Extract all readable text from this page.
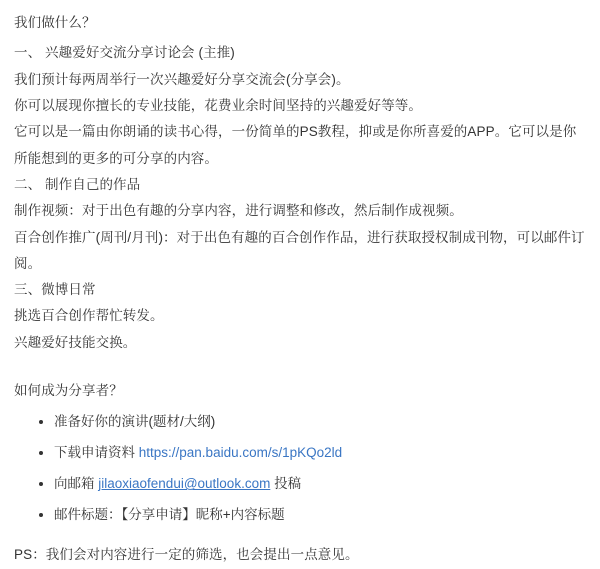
我们做什么？

一、 兴趣爱好交流分享讨论会 (主推)

我们预计每两周举行一次兴趣爱好分享交流会(分享会)。

你可以展现你擅长的专业技能，花费业余时间坚持的兴趣爱好等等。

它可以是一篇由你朗诵的读书心得，一份简单的PS教程，抑或是你所喜爱的APP。它可以是你所能想到的更多的可分享的内容。

二、 制作自己的作品

制作视频：对于出色有趣的分享内容，进行调整和修改，然后制作成视频。

百合创作推广(周刊/月刊)：对于出色有趣的百合创作作品，进行获取授权制成刊物，可以邮件订阅。

三、微博日常

挑选百合创作帮忙转发。

兴趣爱好技能交换。

如何成为分享者？

• 准备好你的演讲(题材/大纲)
• 下载申请资料 https://pan.baidu.com/s/1pKQo2ld
• 向邮箱 jilaoxiaofendui@outlook.com 投稿
• 邮件标题：【分享申请】昵称+内容标题

PS：我们会对内容进行一定的筛选，也会提出一点意见。
